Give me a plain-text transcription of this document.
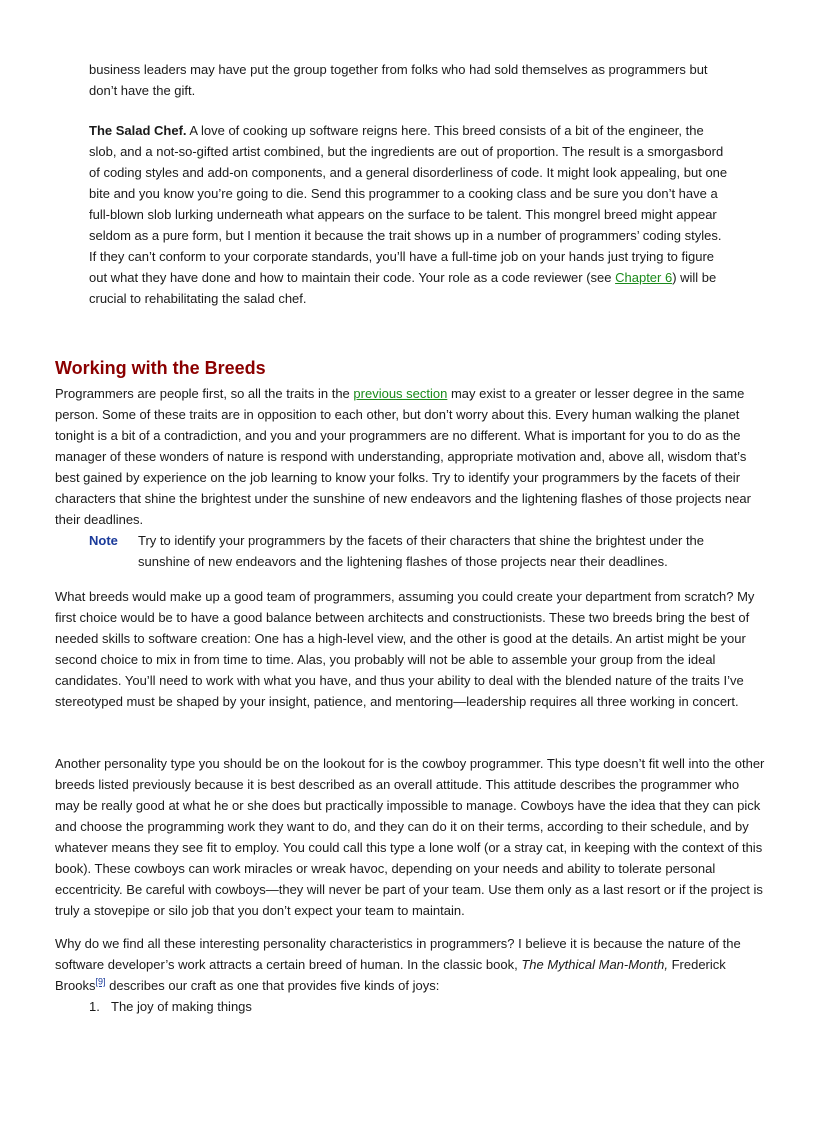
business leaders may have put the group together from folks who had sold themselves as programmers but don’t have the gift.

The Salad Chef. A love of cooking up software reigns here. This breed consists of a bit of the engineer, the slob, and a not-so-gifted artist combined, but the ingredients are out of proportion. The result is a smorgasbord of coding styles and add-on components, and a general disorderliness of code. It might look appealing, but one bite and you know you’re going to die. Send this programmer to a cooking class and be sure you don’t have a full-blown slob lurking underneath what appears on the surface to be talent. This mongrel breed might appear seldom as a pure form, but I mention it because the trait shows up in a number of programmers’ coding styles. If they can’t conform to your corporate standards, you’ll have a full-time job on your hands just trying to figure out what they have done and how to maintain their code. Your role as a code reviewer (see Chapter 6) will be crucial to rehabilitating the salad chef.

Working with the Breeds

Programmers are people first, so all the traits in the previous section may exist to a greater or lesser degree in the same person. Some of these traits are in opposition to each other, but don’t worry about this. Every human walking the planet tonight is a bit of a contradiction, and you and your programmers are no different. What is important for you to do as the manager of these wonders of nature is respond with understanding, appropriate motivation and, above all, wisdom that’s best gained by experience on the job learning to know your folks. Try to identify your programmers by the facets of their characters that shine the brightest under the sunshine of new endeavors and the lightening flashes of those projects near their deadlines.

Note Try to identify your programmers by the facets of their characters that shine the brightest under the sunshine of new endeavors and the lightening flashes of those projects near their deadlines.

What breeds would make up a good team of programmers, assuming you could create your department from scratch? My first choice would be to have a good balance between architects and constructionists. These two breeds bring the best of needed skills to software creation: One has a high-level view, and the other is good at the details. An artist might be your second choice to mix in from time to time. Alas, you probably will not be able to assemble your group from the ideal candidates. You’ll need to work with what you have, and thus your ability to deal with the blended nature of the traits I’ve stereotyped must be shaped by your insight, patience, and mentoring—leadership requires all three working in concert.

Another personality type you should be on the lookout for is the cowboy programmer. This type doesn’t fit well into the other breeds listed previously because it is best described as an overall attitude. This attitude describes the programmer who may be really good at what he or she does but practically impossible to manage. Cowboys have the idea that they can pick and choose the programming work they want to do, and they can do it on their terms, according to their schedule, and by whatever means they see fit to employ. You could call this type a lone wolf (or a stray cat, in keeping with the context of this book). These cowboys can work miracles or wreak havoc, depending on your needs and ability to tolerate personal eccentricity. Be careful with cowboys—they will never be part of your team. Use them only as a last resort or if the project is truly a stovepipe or silo job that you don’t expect your team to maintain.

Why do we find all these interesting personality characteristics in programmers? I believe it is because the nature of the software developer’s work attracts a certain breed of human. In the classic book, The Mythical Man-Month, Frederick Brooks[9] describes our craft as one that provides five kinds of joys:

1. The joy of making things
